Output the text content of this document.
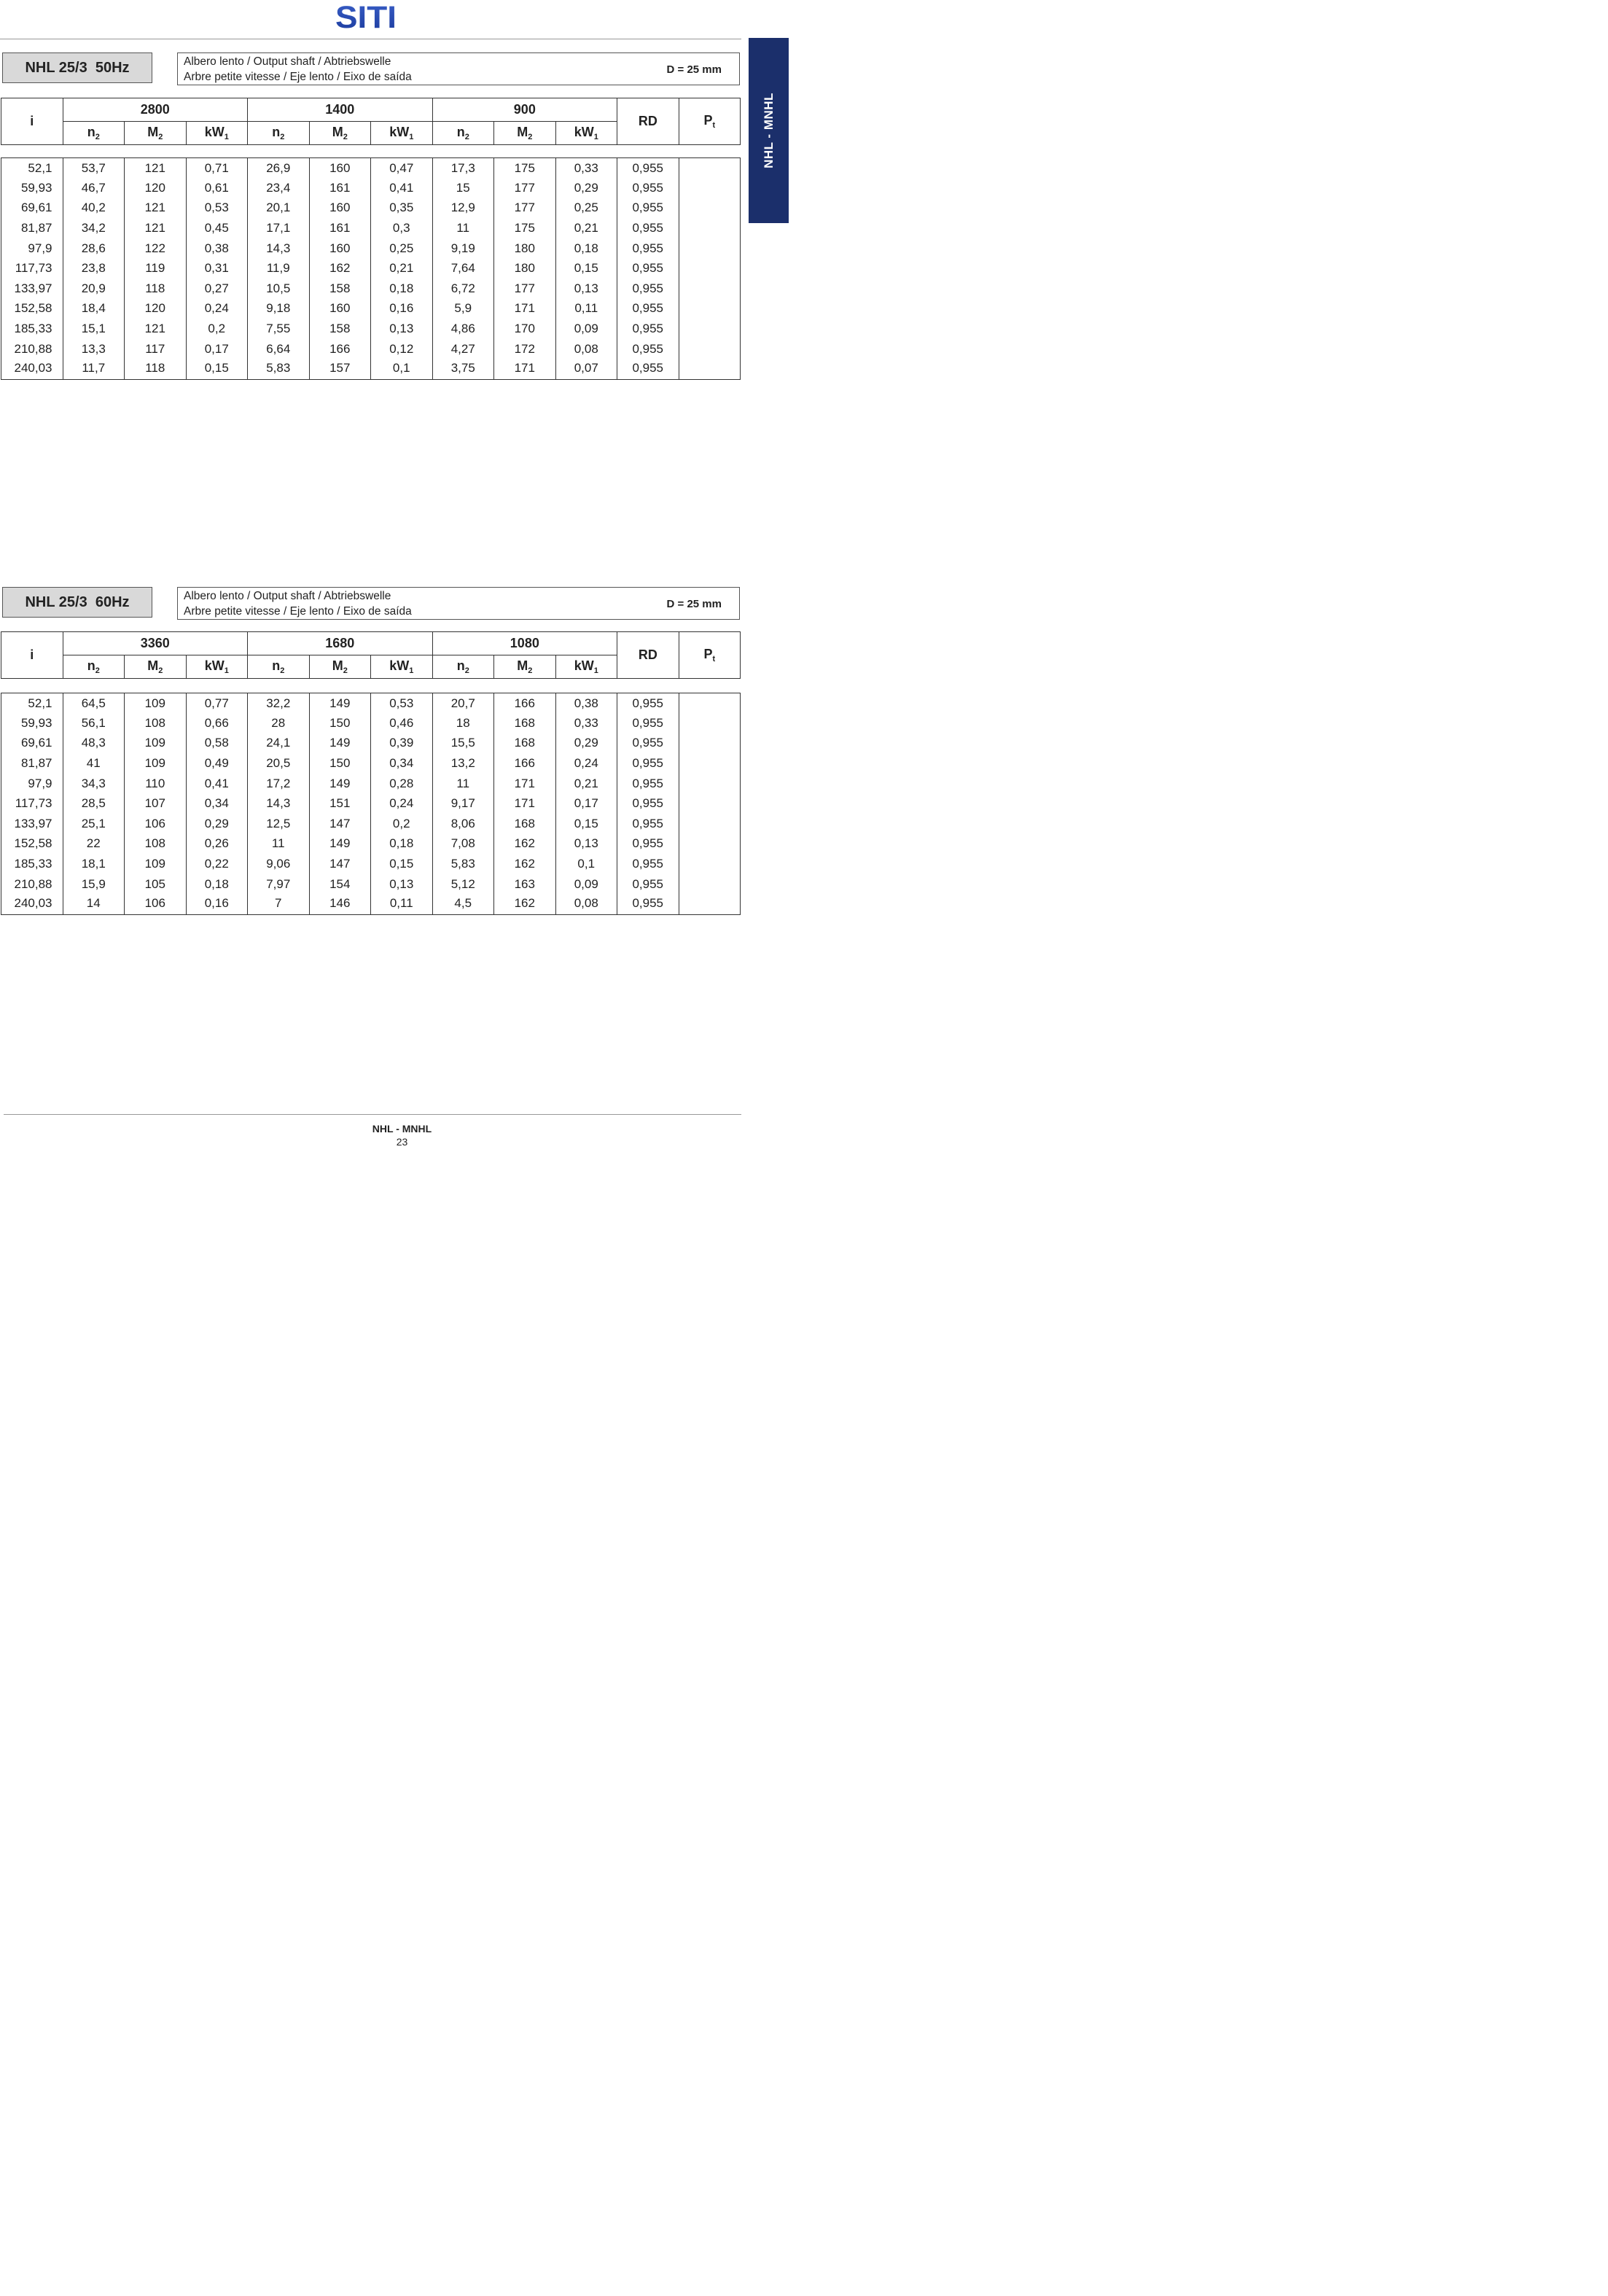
SITI
NHL - MNHL
NHL 25/3  50Hz	Albero lento / Output shaft / Abtriebswelle
Arbre petite vitesse / Eje lento / Eixo de saída
D = 25 mm
i	2800			1400			900			RD	$P_t$
	$n_2$	$M_2$	$kW_1$	$n_2$	$M_2$	$kW_1$	$n_2$	$M_2$	$kW_1$
52,1	53,7	121	0,71	26,9	160	0,47	17,3	175	0,33	0,955	
59,93	46,7	120	0,61	23,4	161	0,41	15	177	0,29	0,955	
69,61	40,2	121	0,53	20,1	160	0,35	12,9	177	0,25	0,955	
81,87	34,2	121	0,45	17,1	161	0,3	11	175	0,21	0,955	
97,9	28,6	122	0,38	14,3	160	0,25	9,19	180	0,18	0,955	
117,73	23,8	119	0,31	11,9	162	0,21	7,64	180	0,15	0,955	
133,97	20,9	118	0,27	10,5	158	0,18	6,72	177	0,13	0,955	
152,58	18,4	120	0,24	9,18	160	0,16	5,9	171	0,11	0,955	
185,33	15,1	121	0,2	7,55	158	0,13	4,86	170	0,09	0,955	
210,88	13,3	117	0,17	6,64	166	0,12	4,27	172	0,08	0,955	
240,03	11,7	118	0,15	5,83	157	0,1	3,75	171	0,07	0,955	
NHL 25/3  60Hz	Albero lento / Output shaft / Abtriebswelle
Arbre petite vitesse / Eje lento / Eixo de saída
D = 25 mm
i	3360			1680			1080			RD	$P_t$
	$n_2$	$M_2$	$kW_1$	$n_2$	$M_2$	$kW_1$	$n_2$	$M_2$	$kW_1$
52,1	64,5	109	0,77	32,2	149	0,53	20,7	166	0,38	0,955	
59,93	56,1	108	0,66	28	150	0,46	18	168	0,33	0,955	
69,61	48,3	109	0,58	24,1	149	0,39	15,5	168	0,29	0,955	
81,87	41	109	0,49	20,5	150	0,34	13,2	166	0,24	0,955	
97,9	34,3	110	0,41	17,2	149	0,28	11	171	0,21	0,955	
117,73	28,5	107	0,34	14,3	151	0,24	9,17	171	0,17	0,955	
133,97	25,1	106	0,29	12,5	147	0,2	8,06	168	0,15	0,955	
152,58	22	108	0,26	11	149	0,18	7,08	162	0,13	0,955	
185,33	18,1	109	0,22	9,06	147	0,15	5,83	162	0,1	0,955	
210,88	15,9	105	0,18	7,97	154	0,13	5,12	163	0,09	0,955	
240,03	14	106	0,16	7	146	0,11	4,5	162	0,08	0,955	
NHL - MNHL
23
